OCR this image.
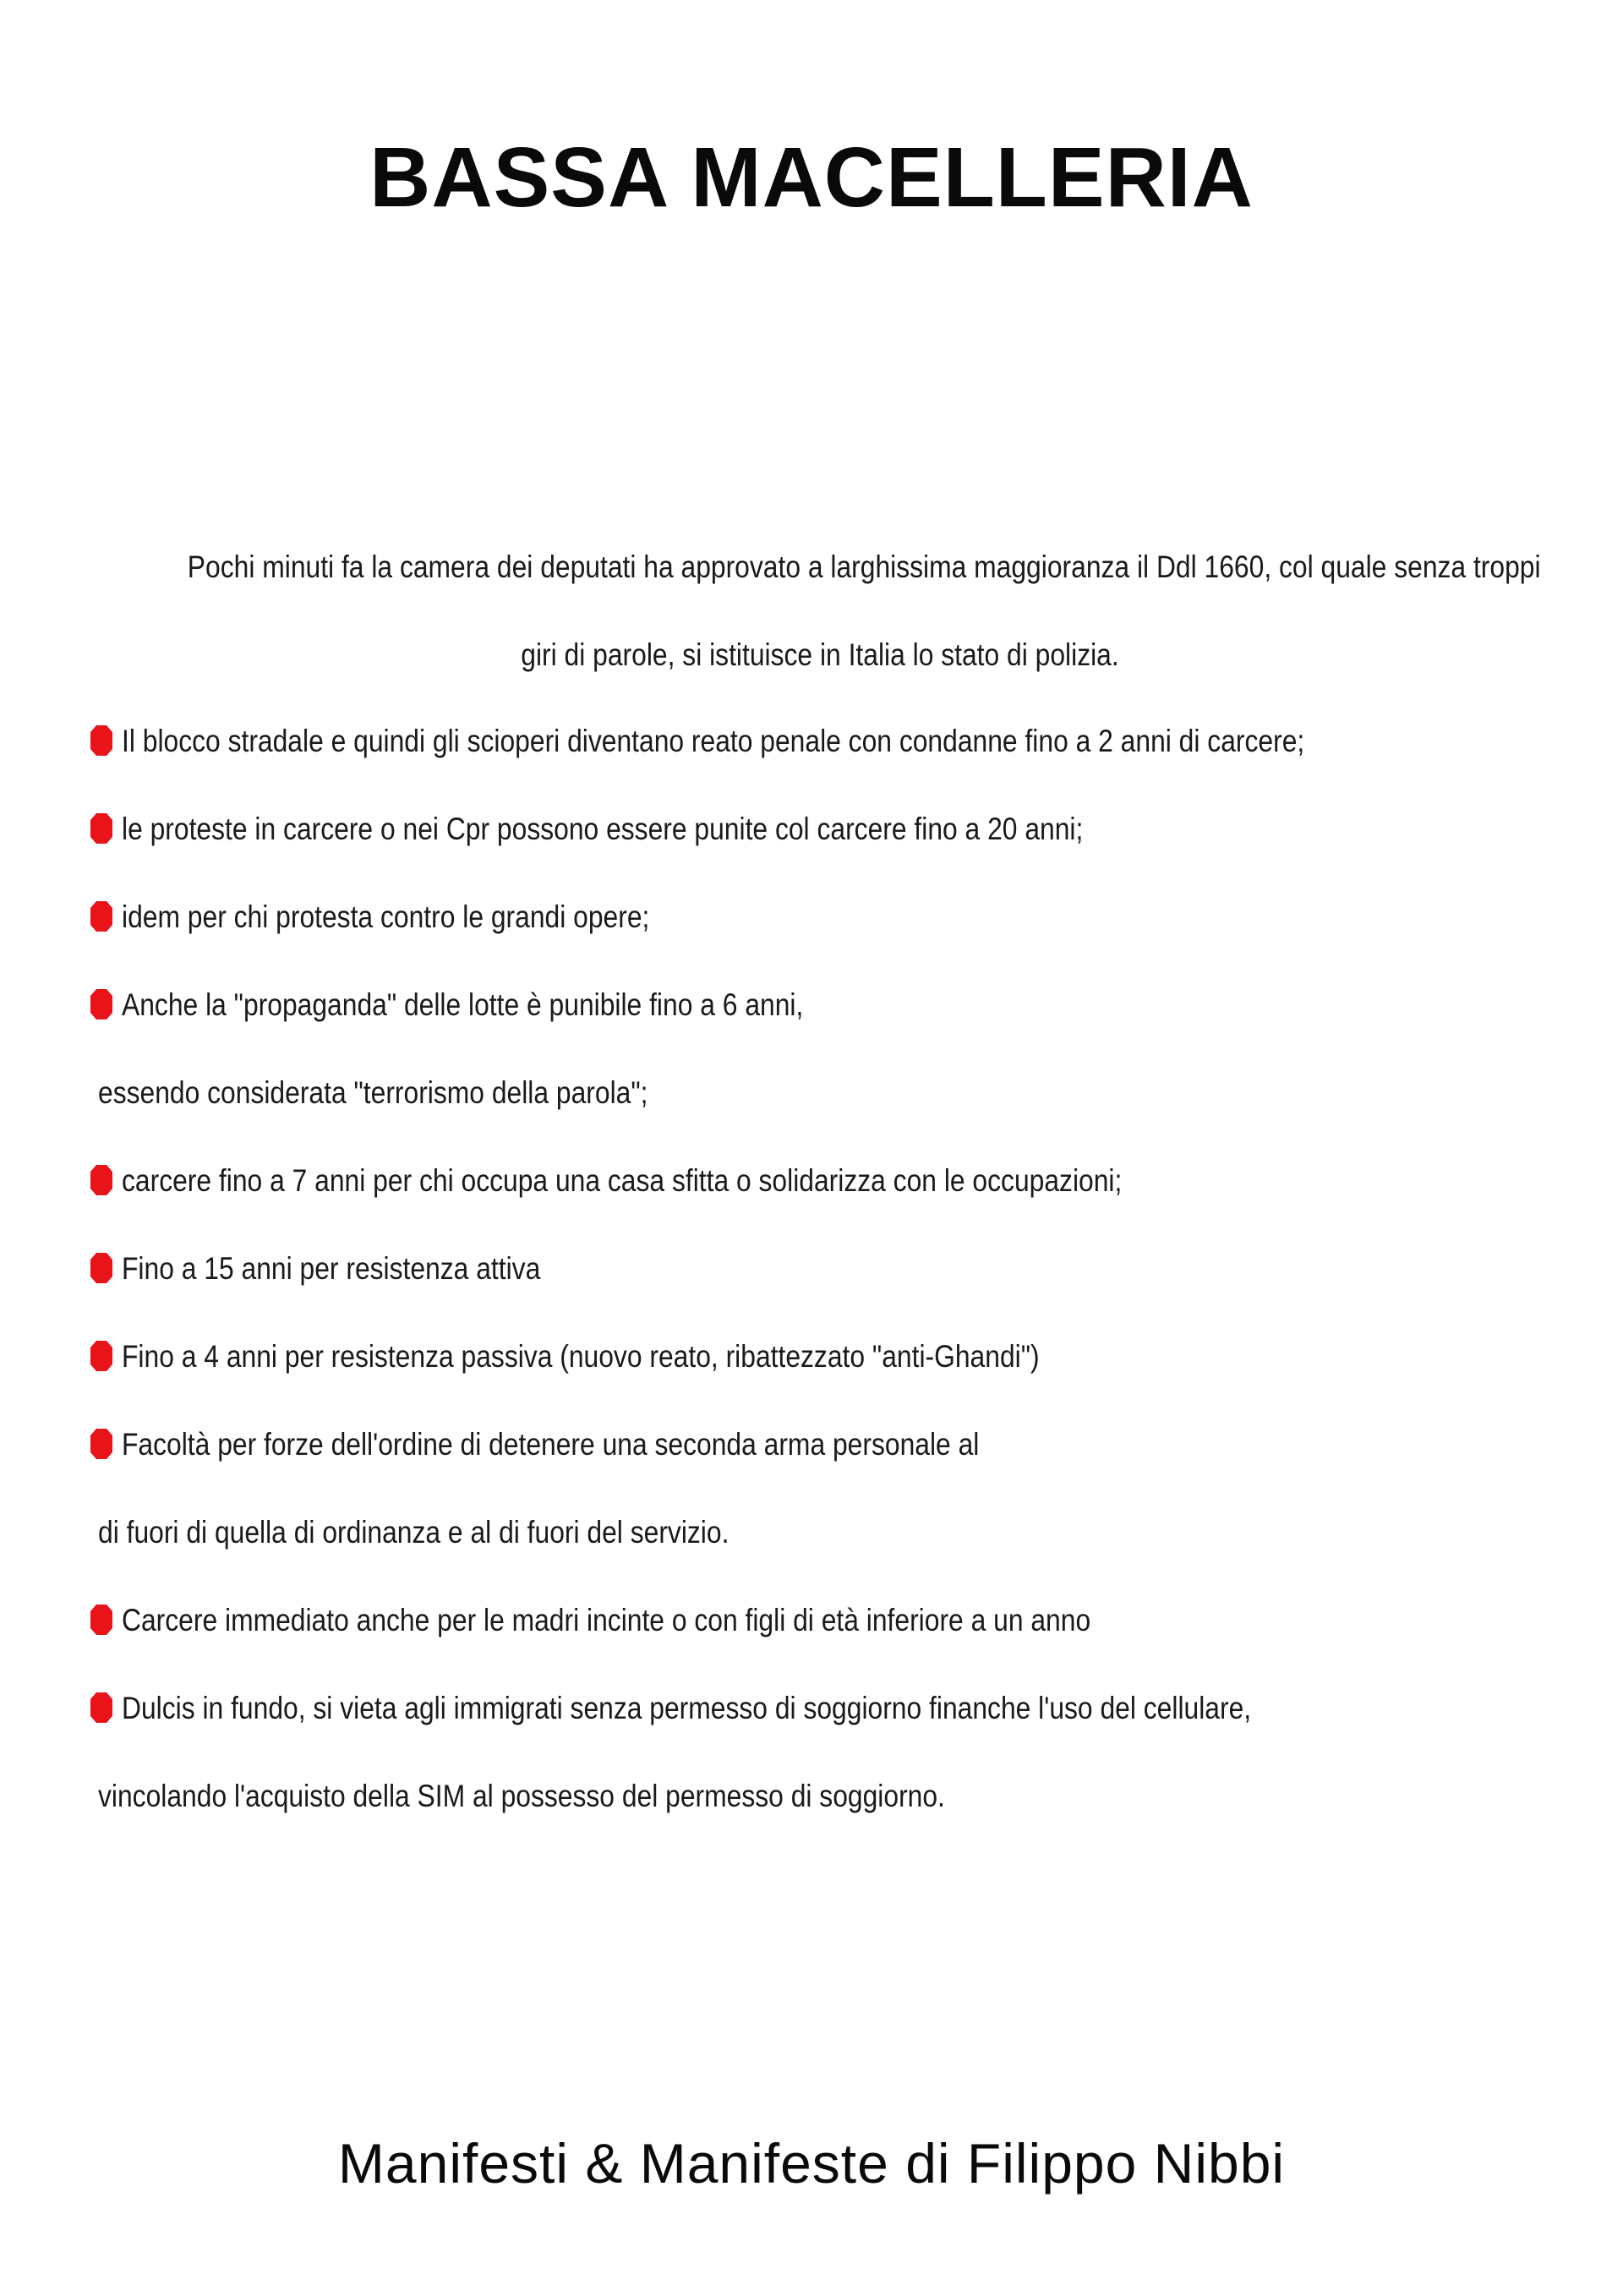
BASSA MACELLERIA
Pochi minuti fa la camera dei deputati ha approvato a larghissima maggioranza il Ddl 1660, col quale senza troppi
giri di parole, si istituisce in Italia lo stato di polizia.
Il blocco stradale e quindi gli scioperi diventano reato penale con condanne fino a 2 anni di carcere;
le proteste in carcere o nei Cpr possono essere punite col carcere fino a 20 anni;
idem per chi protesta contro le grandi opere;
Anche la "propaganda" delle lotte è punibile fino a 6 anni,
essendo considerata "terrorismo della parola";
carcere fino a 7 anni per chi occupa una casa sfitta o solidarizza con le occupazioni;
Fino a 15 anni per resistenza attiva
Fino a 4 anni per resistenza passiva (nuovo reato, ribattezzato "anti-Ghandi")
Facoltà per forze dell'ordine di detenere una seconda arma personale al
di fuori di quella di ordinanza e al di fuori del servizio.
Carcere immediato anche per le madri incinte o con figli di età inferiore a un anno
Dulcis in fundo, si vieta agli immigrati senza permesso di soggiorno finanche l'uso del cellulare,
vincolando l'acquisto della SIM al possesso del permesso di soggiorno.
Manifesti & Manifeste di Filippo Nibbi
